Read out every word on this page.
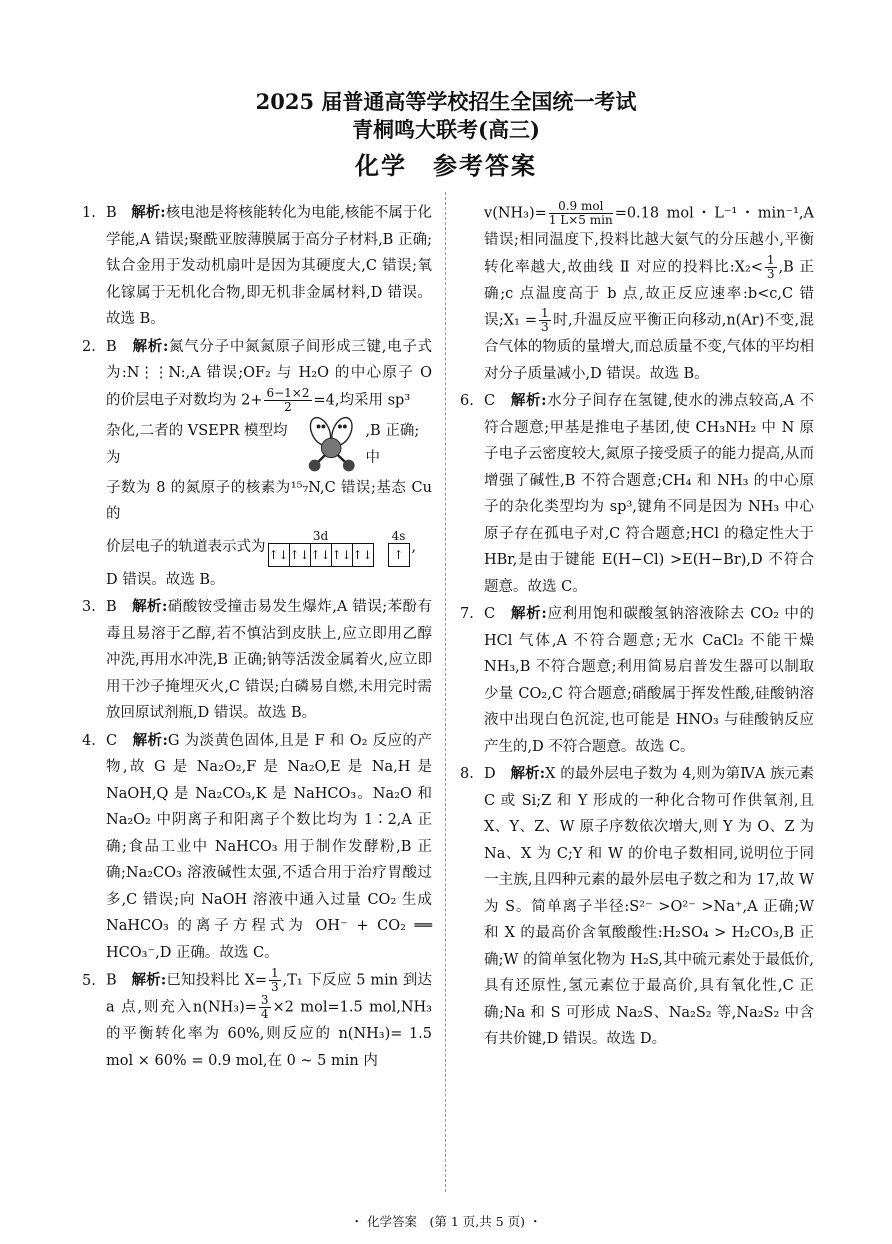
2025 届普通高等学校招生全国统一考试
青桐鸣大联考(高三)
化学　参考答案

1. B　 解析:核电池是将核能转化为电能,核能不属于化学能,A 错误;聚酰亚胺薄膜属于高分子材料,B 正确;钛合金用于发动机扇叶是因为其硬度大,C 错误;氧化镓属于无机化合物,即无机非金属材料,D 错误。故选 B。

2. B　 解析:氮气分子中氮氮原子间形成三键,电子式为:N⋮⋮N:,A 错误;OF₂ 与 H₂O 的中心原子 O 的价层电子对数均为 $2+ \frac{6-1\times 2}{2} =4$,均采用 sp³

杂化,二者的 VSEPR 模型均为
,B 正确;中

子数为 8 的氮原子的核素为¹⁵₇N,C 错误;基态 Cu 的

价层电子的轨道表示式为
3d
↑↓ ↑↓ ↑↓ ↑↓ ↑↓
4s
↑ ,

D 错误。故选 B。

3. B　 解析:硝酸铵受撞击易发生爆炸,A 错误;苯酚有毒且易溶于乙醇,若不慎沾到皮肤上,应立即用乙醇冲洗,再用水冲洗,B 正确;钠等活泼金属着火,应立即用干沙子掩埋灭火,C 错误;白磷易自燃,未用完时需放回原试剂瓶,D 错误。故选 B。

4. C　 解析:G 为淡黄色固体,且是 F 和 O₂ 反应的产物,故 G 是 Na₂O₂,F 是 Na₂O,E 是 Na,H 是 NaOH,Q 是 Na₂CO₃,K 是 NaHCO₃。Na₂O 和 Na₂O₂ 中阴离子和阳离子个数比均为 1∶2,A 正确;食品工业中 NaHCO₃ 用于制作发酵粉,B 正确;Na₂CO₃ 溶液碱性太强,不适合用于治疗胃酸过多,C 错误;向 NaOH 溶液中通入过量 CO₂ 生成 NaHCO₃ 的离子方程式为 OH⁻ + CO₂ ══ HCO₃⁻,D 正确。故选 C。

5. B　 解析:已知投料比 $X= \frac{1}{3} ,T_1$ 下反应 5 min 到达 a 点,则充入$n(NH_3)= \frac{3}{4} \times 2$ mol=1.5 mol,NH₃ 的平衡转化率为 60%,则反应的 n(NH₃)= 1.5 mol × 60% = 0.9 mol,在 0 ~ 5 min 内

$v(NH_3)= \frac{\text{0.9 mol}}{1 L\times 5 \min} =0.18$ mol・L⁻¹・min⁻¹,A 错误;相同温度下,投料比越大氨气的分压越小,平衡转化率越大,故曲线 Ⅱ 对应的投料比:X₂< $\frac{1}{3} ,B$ 正确;c 点温度高于 b 点,故正反应速率:b<c,C 错误;X₁ = $\frac{1}{3}$ 时,升温反应平衡正向移动,n(Ar)不变,混合气体的物质的量增大,而总质量不变,气体的平均相对分子质量减小,D 错误。故选 B。

6. C　 解析:水分子间存在氢键,使水的沸点较高,A 不符合题意;甲基是推电子基团,使 CH₃NH₂ 中 N 原子电子云密度较大,氮原子接受质子的能力提高,从而增强了碱性,B 不符合题意;CH₄ 和 NH₃ 的中心原子的杂化类型均为 sp³,键角不同是因为 NH₃ 中心原子存在孤电子对,C 符合题意;HCl 的稳定性大于 HBr,是由于键能 E(H−Cl) >E(H−Br),D 不符合题意。故选 C。

7. C　 解析:应利用饱和碳酸氢钠溶液除去 CO₂ 中的 HCl 气体,A 不符合题意;无水 CaCl₂ 不能干燥 NH₃,B 不符合题意;利用简易启普发生器可以制取少量 CO₂,C 符合题意;硝酸属于挥发性酸,硅酸钠溶液中出现白色沉淀,也可能是 HNO₃ 与硅酸钠反应产生的,D 不符合题意。故选 C。

8. D　 解析:X 的最外层电子数为 4,则为第ⅣA 族元素 C 或 Si;Z 和 Y 形成的一种化合物可作供氧剂,且 X、Y、Z、W 原子序数依次增大,则 Y 为 O、Z 为 Na、X 为 C;Y 和 W 的价电子数相同,说明位于同一主族,且四种元素的最外层电子数之和为 17,故 W 为 S。简单离子半径:S²⁻ >O²⁻ >Na⁺,A 正确;W 和 X 的最高价含氧酸酸性:H₂SO₄ > H₂CO₃,B 正确;W 的简单氢化物为 H₂S,其中硫元素处于最低价,具有还原性,氢元素位于最高价,具有氧化性,C 正确;Na 和 S 可形成 Na₂S、Na₂S₂ 等,Na₂S₂ 中含有共价键,D 错误。故选 D。

・ 化学答案　(第 1 页,共 5 页) ・
